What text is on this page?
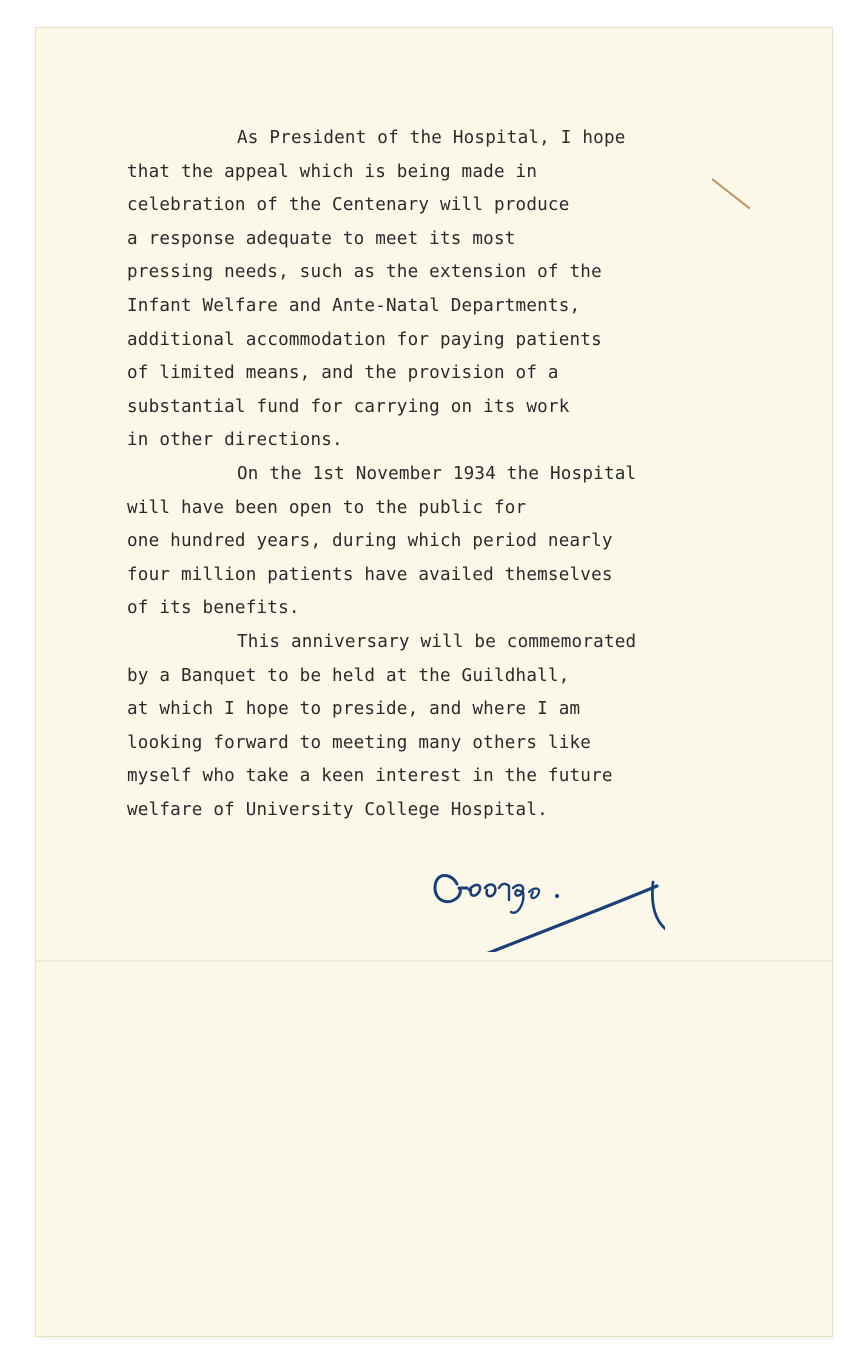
As President of the Hospital, I hope
that the appeal which is being made in
celebration of the Centenary will produce
a response adequate to meet its most
pressing needs, such as the extension of the
Infant Welfare and Ante-Natal Departments,
additional accommodation for paying patients
of limited means, and the provision of a
substantial fund for carrying on its work
in other directions.
On the 1st November 1934 the Hospital
will have been open to the public for
one hundred years, during which period nearly
four million patients have availed themselves
of its benefits.
This anniversary will be commemorated
by a Banquet to be held at the Guildhall,
at which I hope to preside, and where I am
looking forward to meeting many others like
myself who take a keen interest in the future
welfare of University College Hospital.
